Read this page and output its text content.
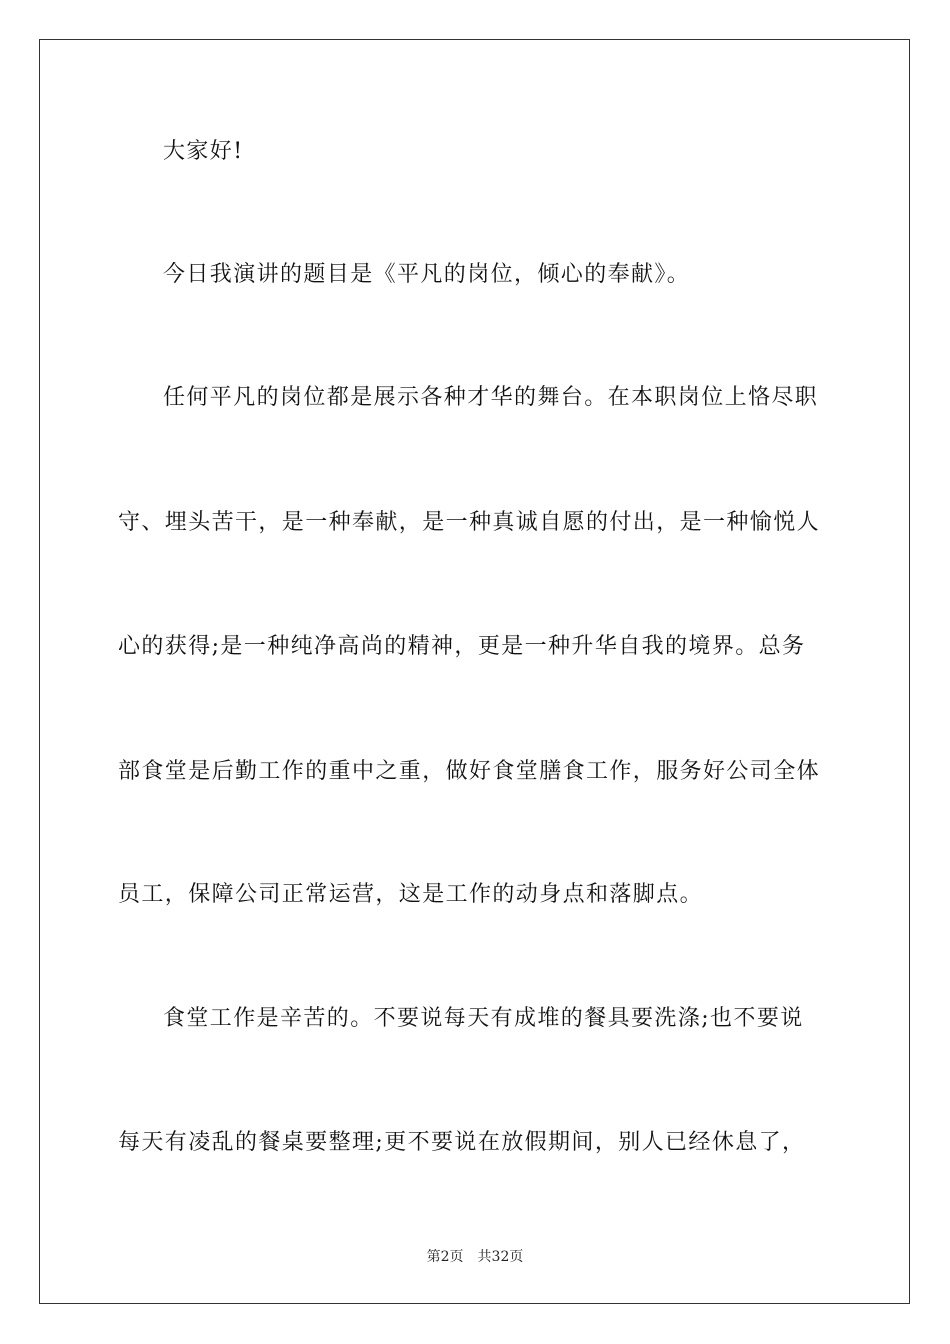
大家好!
今日我演讲的题目是《平凡的岗位，倾心的奉献》。
任何平凡的岗位都是展示各种才华的舞台。在本职岗位上恪尽职
守、埋头苦干，是一种奉献，是一种真诚自愿的付出，是一种愉悦人
心的获得;是一种纯净高尚的精神，更是一种升华自我的境界。总务
部食堂是后勤工作的重中之重，做好食堂膳食工作，服务好公司全体
员工，保障公司正常运营，这是工作的动身点和落脚点。
食堂工作是辛苦的。不要说每天有成堆的餐具要洗涤;也不要说
每天有凌乱的餐桌要整理;更不要说在放假期间，别人已经休息了，
第2页 共32页
